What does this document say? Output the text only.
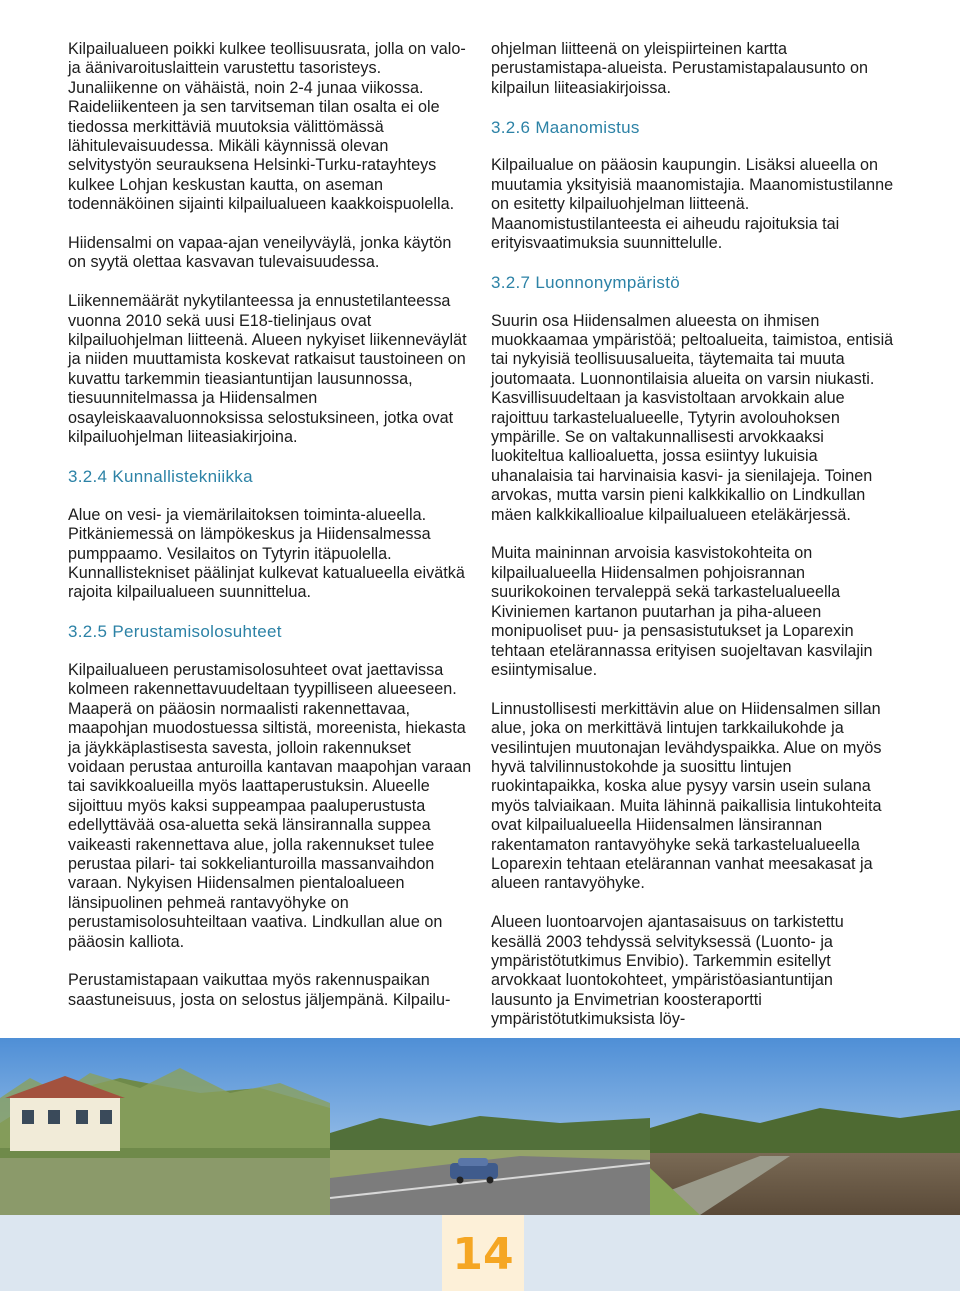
Kilpailualueen poikki kulkee teollisuusrata, jolla on valo- ja äänivaroituslaittein varustettu tasoristeys. Junaliikenne on vähäistä, noin 2-4 junaa viikossa. Raideliikenteen ja sen tarvitseman tilan osalta ei ole tiedossa merkittäviä muutoksia välittömässä lähitulevaisuudessa. Mikäli käynnissä olevan selvitystyön seurauksena Helsinki-Turku-ratayhteys kulkee Lohjan keskustan kautta, on aseman todennäköinen sijainti kilpailualueen kaakkoispuolella.

Hiidensalmi on vapaa-ajan veneilyväylä, jonka käytön on syytä olettaa kasvavan tulevaisuudessa.

Liikennemäärät nykytilanteessa ja ennustetilanteessa vuonna 2010 sekä uusi E18-tielinjaus ovat kilpailuohjelman liitteenä. Alueen nykyiset liikenneväylät ja niiden muuttamista koskevat ratkaisut taustoineen on kuvattu tarkemmin tieasiantuntijan lausunnossa, tiesuunnitelmassa ja Hiidensalmen osayleiskaavaluonnoksissa selostuksineen, jotka ovat kilpailuohjelman liiteasiakirjoina.

3.2.4 Kunnallistekniikka

Alue on vesi- ja viemärilaitoksen toiminta-alueella. Pitkäniemessä on lämpökeskus ja Hiidensalmessa pumppaamo. Vesilaitos on Tytyrin itäpuolella. Kunnallistekniset päälinjat kulkevat katualueella eivätkä rajoita kilpailualueen suunnittelua.

3.2.5 Perustamisolosuhteet

Kilpailualueen perustamisolosuhteet ovat jaettavissa kolmeen rakennettavuudeltaan tyypilliseen alueeseen. Maaperä on pääosin normaalisti rakennettavaa, maapohjan muodostuessa siltistä, moreenista, hiekasta ja jäykkäplastisesta savesta, jolloin rakennukset voidaan perustaa anturoilla kantavan maapohjan varaan tai savikkoalueilla myös laattaperustuksin. Alueelle sijoittuu myös kaksi suppeampaa paaluperustusta edellyttävää osa-aluetta sekä länsirannalla suppea vaikeasti rakennettava alue, jolla rakennukset tulee perustaa pilari- tai sokkelianturoilla massanvaihdon varaan. Nykyisen Hiidensalmen pientaloalueen länsipuolinen pehmeä rantavyöhyke on perustamisolosuhteiltaan vaativa. Lindkullan alue on pääosin kalliota.

Perustamistapaan vaikuttaa myös rakennuspaikan saastuneisuus, josta on selostus jäljempänä. Kilpailu-

ohjelman liitteenä on yleispiirteinen kartta perustamistapa-alueista. Perustamistapalausunto on kilpailun liiteasiakirjoissa.

3.2.6 Maanomistus

Kilpailualue on pääosin kaupungin. Lisäksi alueella on muutamia yksityisiä maanomistajia. Maanomistustilanne on esitetty kilpailuohjelman liitteenä. Maanomistustilanteesta ei aiheudu rajoituksia tai erityisvaatimuksia suunnittelulle.

3.2.7 Luonnonympäristö

Suurin osa Hiidensalmen alueesta on ihmisen muokkaamaa ympäristöä; peltoalueita, taimistoa, entisiä tai nykyisiä teollisuusalueita, täytemaita tai muuta joutomaata. Luonnontilaisia alueita on varsin niukasti. Kasvillisuudeltaan ja kasvistoltaan arvokkain alue rajoittuu tarkastelualueelle, Tytyrin avolouhoksen ympärille. Se on valtakunnallisesti arvokkaaksi luokiteltua kallioaluetta, jossa esiintyy lukuisia uhanalaisia tai harvinaisia kasvi- ja sienilajeja. Toinen arvokas, mutta varsin pieni kalkkikallio on Lindkullan mäen kalkkikallioalue kilpailualueen eteläkärjessä.

Muita maininnan arvoisia kasvistokohteita on kilpailualueella Hiidensalmen pohjoisrannan suurikokoinen tervaleppä sekä tarkastelualueella Kiviniemen kartanon puutarhan ja piha-alueen monipuoliset puu- ja pensasistutukset ja Loparexin tehtaan etelärannassa erityisen suojeltavan kasvilajin esiintymisalue.

Linnustollisesti merkittävin alue on Hiidensalmen sillan alue, joka on merkittävä lintujen tarkkailukohde ja vesilintujen muutonajan levähdyspaikka. Alue on myös hyvä talvilinnustokohde ja suosittu lintujen ruokintapaikka, koska alue pysyy varsin usein sulana myös talviaikaan. Muita lähinnä paikallisia lintukohteita ovat kilpailualueella Hiidensalmen länsirannan rakentamaton rantavyöhyke sekä tarkastelualueella Loparexin tehtaan etelärannan vanhat meesakasat ja alueen rantavyöhyke.

Alueen luontoarvojen ajantasaisuus on tarkistettu kesällä 2003 tehdyssä selvityksessä (Luonto- ja ympäristötutkimus Envibio). Tarkemmin esitellyt arvokkaat luontokohteet, ympäristöasiantuntijan lausunto ja Envimetrian koosteraportti ympäristötutkimuksista löy-

14
